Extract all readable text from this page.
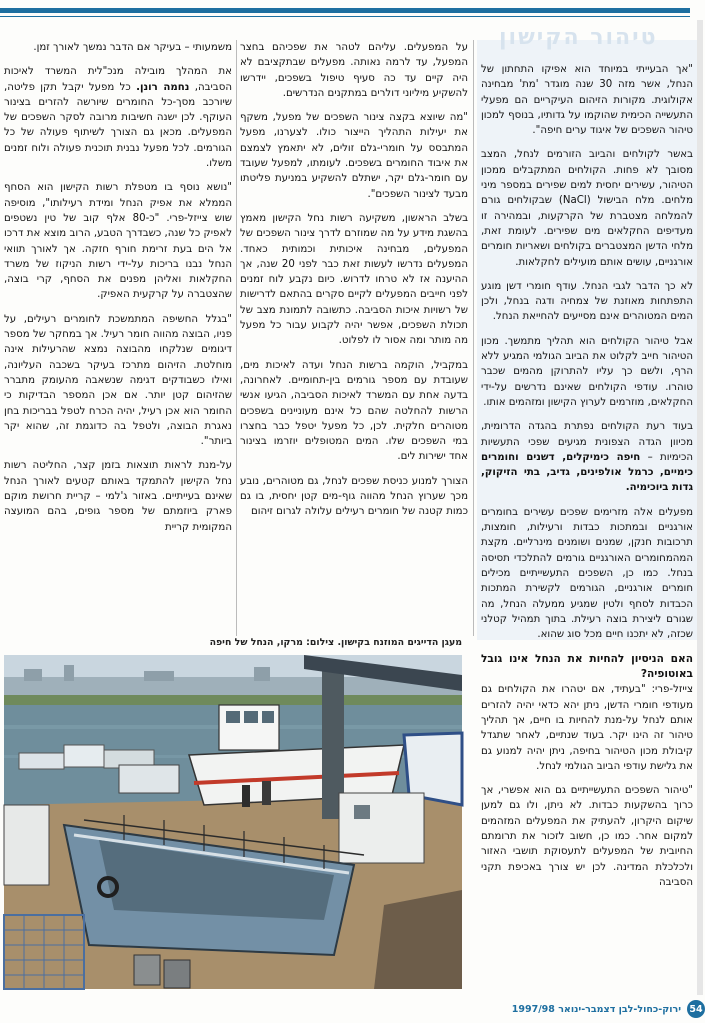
טיהור הקישון

"אך הבעייתי במיוחד הוא אפיקו התחתון של הנחל, אשר מזה 30 שנה מוגדר 'מת' מבחינה אקולוגית. מקורות הזיהום העיקריים הם מפעלי התעשייה הכימית שהוקמו על גדותיו, בנוסף למכון טיהור השפכים של איגוד ערים חיפה".

באשר לקולחים והביוב הזורמים לנחל, המצב מסובך לא פחות. הקולחים המתקבלים ממכון הטיהור, עשירים יחסית למים שפירים במספר מיני מלחים. מלח הבישול (NaCl) שבקולחים גורם להמלחה מצטברת של הקרקעות, ובמהירה זו מעדיפים החקלאים מים שפירים. לעומת זאת, מלחי הדשן המצטברים בקולחים ושאריות חומרים אורגניים, עושים אותם מועילים לחקלאות.

לא כך הדבר לגבי הנחל. עודף חומרי דשן מוגע התפתחות מאוזנת של צמחיה ודגה בנחל, ולכן המים המטוהרים אינם מסייעים להחייאת הנחל.

אבל טיהור הקולחים הוא תהליך מתמשך. מכון הטיהור חייב לקלוט את הביוב הגולמי המגיע ללא הרף, ולשם כך עליו להתרוקן מהמים שכבר טוהרו. עודפי הקולחים שאינם נדרשים על-ידי החקלאים, מוזרמים לערוץ הקישון ומזהמים אותו.

בעוד רעת הקולחים נפתרת בהגדה הדרומית, מכיוון הגדה הצפונית מגיעים שפכי התעשיות הכימיות – חיפה כימיקלים, דשנים וחומרים כימיים, כרמל אולפינים, גדיב, בתי הזיקוק, גדות ביוכימיה.

מפעלים אלה מזרימים שפכים עשירים בחומרים אורגניים ובמתכות כבדות ורעילות, חומצות, תרכובות חנקן, שמנים ושומנים מינרליים. מקצת המהמחומרים האורגניים גורמים להתלכדי תסיסה בנחל. כמו כן, השפכים התעשייתיים מכילים חומרים אורגניים, הגורמים לקשירת המתכות הכבדות לסחף ולטין שמגיע ממעלה הנחל, מה שגורם ליצירת בוצה רעילת. בתוך תמהיל קטלני שכזה, לא יתכנו חיים מכל סוג שהוא.

האם הניסיון להחיות את הנחל אינו גובל באוטופיה?

צייזל-פרי: "בעתיד, אם יטהרו את הקולחים גם מעודפי חומרי הדשן, ניתן יהא כדאי יהיה להזרים אותם לנחל על-מנת להחיות בו חיים, אך תהליך טיהור זה הינו יקר. בעוד שנתיים, לאחר שתגדל קיבולת מכון הטיהור בחיפה, ניתן יהיה למנוע גם את גלישת עודפי הביוב הגולמי לנחל.

"טיהור השפכים התעשייתיים גם הוא אפשרי, אך כרוך בהשקעות כבדות. לא ניתן, ולו גם למען שיקום היקרון, להעתיק את המפעלים המזהמים למקום אחר. כמו כן, חשוב לזכור את תרומתם החיובית של המפעלים לתעסוקת תושבי האזור ולכלכלת המדינה. לכן יש צורך באכיפת תקני הסביבה

על המפעלים. עליהם לטהר את שפכיהם בחצר המפעל, עד לרמה נאותה. מפעלים שבתקציבם לא היה קיים עד כה סעיף טיפול בשפכים, יידרשו להשקיע מיליוני דולרים במתקנים הנדרשים.

"מה שיוצא בקצה צינור השפכים של מפעל, משקף את יעילות התהליך הייצור כולו. לצערנו, מפעל המתבסס על חומרי-גלם זולים, לא יתאמץ לצמצם את איבוד החומרים בשפכים. לעומתו, למפעל שעובד עם חומר-גלם יקר, ישתלם להשקיע במניעת פליטתו מבעד לצינור השפכים".

בשלב הראשון, משקיעה רשות נחל הקישון מאמץ בהשגת מידע על מה שמוזרם לדרך צינור השפכים של המפעלים, מבחינה איכותית וכמותית כאחד. המפעלים נדרשו לעשות זאת כבר לפני 20 שנה, אך ההיענה אז לא טרחו לדרוש. כיום נקבע לוח זמנים לפני חייבים המפעלים לקיים סקרים בהתאם לדרישות של רשויות איכות הסביבה. כתשובה לתמונת מצב של תכולת השפכים, אפשר יהיה לקבוע עבור כל מפעל מה מותר ומה אסור לו לפלוט.

במקביל, הוקמה ברשות הנחל ועדה לאיכות מים, שעובדת עם מספר גורמים בין-תחומיים. לאחרונה, בדעה אחת עם המשרד לאיכות הסביבה, הגיעו אנשי הרשות להחלטה שהם כל אינם מעוניינים בשפכים מטוהרים חלקית. לכן, כל מפעל יטפל כבר בחצרו במי השפכים שלו. המים המטופלים יוזרמו בצינור אחד ישירות לים.

הצורך למנוע כניסת שפכים לנחל, גם מטוהרים, נובע מכך שערוץ הנחל מהווה גוף-מים קטן יחסית, בו גם כמות קטנה של חומרים רעילים עלולה לגרום זיהום

משמעותי – בעיקר אם הדבר נמשך לאורך זמן.

את המהלך מובילה מנכ"לית המשרד לאיכות הסביבה, נחמה רונן. כל מפעל יקבל תקן פליטה, שיורכב מסך-כל החומרים שיורשה להזרים בצינור העוקף. לכן ישנה חשיבות מרובה לסקר השפכים של המפעלים. מכאן גם הצורך לשיתוף פעולה של כל הגורמים. לכל מפעל נבנית תוכנית פעולה ולוח זמנים משלו.

"נושא נוסף בו מטפלת רשות הקישון הוא הסחף הממלא את אפיק הנחל ומידת רעילותו", מוסיפה שוש צייזל-פרי. "כ-80 אלף קוב של טין נשטפים לאפיק כל שנה, כשבדרך הטבע, הרוב מוצא את דרכו אל הים בעת זרימת חורף חזקה. אך לאורך תוואי הנחל נבנו בריכות על-ידי רשות הניקוז של משרד החקלאות ואליהן מפנים את הסחף, קרי בוצה, שהצטברה על קרקעית האפיק.

"בגלל החשיפה המתמשכת לחומרים רעילים, על פניו, הבוצה מהווה חומר רעיל. אך במחקר של מספר דיגומים שנלקחו מהבוצה נמצא שהרעילות אינה מוחלטת. הזיהום מתרכז בעיקר בשכבה העליונה, ואילו כשבודקים דגימה שנשאבה מהעומק מתברר שהזיהום קטן יותר. אם אכן המספר הבדיקות כי החומר הוא אכן רעיל, יהיה הכרח לטפל בבריכות בחן נאגרת הבוצה, ולטפל בה כדוגמת זה, שהוא יקר ביותר".

על-מנת לראות תוצאות בזמן קצר, החליטה רשות נחל הקישון להתמקד באותם קטעים לאורך הנחל שאינם בעייתיים. באזור ג'למי – קריית חרושת מוקם פארק ביוזמתם של מספר גופים, בהם המועצה המקומית קריית

מעגן הדייגים המוזנח בקישון. צילום: מרקו, הנחל של חיפה
54
ירוק-כחול-לבן דצמבר-ינואר 1997/98
